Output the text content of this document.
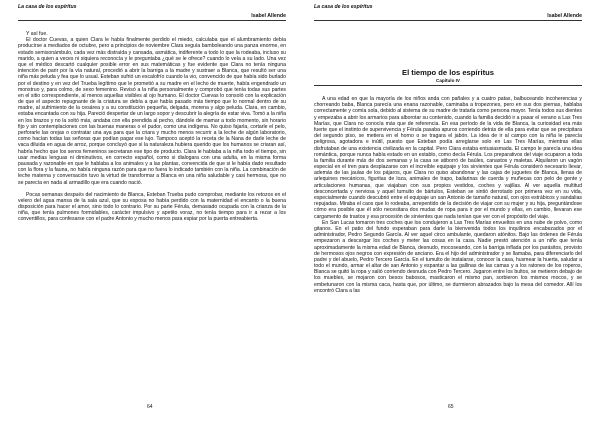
La casa de los espíritus
Isabel Allende

Y así fue.

El doctor Cuevas, a quien Clara le había finalmente perdido el miedo, calculaba que el alumbramiento debía producirse a mediados de octubre, pero a principios de noviembre Clara seguía bamboleando una panza enorme, en estado semisonámbulo, cada vez más distraída y cansada, asmática, indiferente a todo lo que la rodeaba, incluso su marido, a quien a veces ni siquiera reconocía y le preguntaba ¿qué se le ofrece? cuando lo veía a su lado. Una vez que el médico descartó cualquier posible error en sus matemáticas y fue evidente que Clara no tenía ninguna intención de parir por la vía natural, procedió a abrir la barriga a la madre y sustraer a Blanca, que resultó ser una niña más peluda y fea que lo usual. Esteban sufrió un escalofrío cuando la vio, convencido de que había sido burlado por el destino y en vez del Trueba legítimo que le prometió a su madre en el lecho de muerte, había engendrado un monstruo y, para colmo, de sexo femenino. Revisó a la niña personalmente y comprobó que tenía todas sus partes en el sitio correspondiente, al menos aquellas visibles al ojo humano. El doctor Cuevas lo consoló con la explicación de que el aspecto repugnante de la criatura se debía a que había pasado más tiempo que lo normal dentro de su madre, al sufrimiento de la cesárea y a su constitución pequeña, delgada, morena y algo peluda. Clara, en cambio, estaba encantada con su hija. Pareció despertar de un largo sopor y descubrir la alegría de estar viva. Tomó a la niña en los brazos y no la soltó más, andaba con ella prendida al pecho, dándole de mamar a todo momento, sin horario fijo y sin contemplaciones con las buenas maneras o el pudor, como una indígena. No quiso fajarla, cortarle el pelo, perforarle las orejas o contratar una aya para que la criara y mucho menos recurrir a la leche de algún laboratorio, como hacían todas las señoras que podían pagar ese lujo. Tampoco aceptó la receta de la Nana de darle leche de vaca diluida en agua de arroz, porque concluyó que si la naturaleza hubiera querido que los humanos se criaran así, habría hecho que los senos femeninos secretaran ese tipo de producto. Clara le hablaba a la niña todo el tiempo, sin usar medias lenguas ni diminutivos, en correcto español, como si dialogara con una adulta, en la misma forma pausada y razonable en que le hablaba a los animales y a las plantas, convencida de que si le había dado resultado con la flora y la fauna, no había ninguna razón para que no fuera lo indicado también con la niña. La combinación de leche materna y conversación tuvo la virtud de transformar a Blanca en una niña saludable y casi hermosa, que no se parecía en nada al armadillo que era cuando nació.

Pocas semanas después del nacimiento de Blanca, Esteban Trueba pudo comprobar, mediante los retozos en el velero del agua mansa de la sala azul, que su esposa no había perdido con la maternidad el encanto o la buena disposición para hacer el amor, sino todo lo contrario. Por su parte Férula, demasiado ocupada con la crianza de la niña, que tenía pulmones formidables, carácter impulsivo y apetito voraz, no tenía tiempo para ir a rezar a los conventillos, para confesarse con el padre Antonio y mucho menos para espiar por la puerta entreabierta.

64
La casa de los espíritus
Isabel Allende
El tiempo de los espíritus
Capítulo IV

A una edad en que la mayoría de los niños anda con pañales y a cuatro patas, balbuceando incoherencias y chorreando baba, Blanca parecía una enana razonable, caminaba a tropezones, pero en sus dos piernas, hablaba correctamente y comía sola, debido al sistema de su madre de tratarla como persona mayor. Tenía todos sus dientes y empezaba a abrir los armarios para alborotar su contenido, cuando la familia decidió ir a pasar el verano a Las Tres Marías, que Clara no conocía más que de referencia. En esa período de la vida de Blanca, la curiosidad era más fuerte que el instinto de supervivencia y Férula pasaba apuros corriendo detrás de ella para evitar que se precipitara del segundo piso, se metiera en el horno o se tragara el jabón. La idea de ir al campo con la niña le parecía peligrosa, agotadora e inútil, puesto que Esteban podía arreglarse solo en Las Tres Marías, mientras ellas disfrutaban de una existencia civilizada en la capital. Pero Clara estaba entusiasmada. El campo le parecía una idea romántica, porque nunca había estado en un establo, como decía Férula. Los preparativos del viaje ocuparon a toda la familia durante más de dos semanas y la casa se atiborró de baúles, canastos y maletas. Alquilaron un vagón especial en el tren para desplazarse con el increíble equipaje y los sirvientes que Férula consideró necesario llevar, además de las jaulas de los pájaros, que Clara no quiso abandonar y las cajas de juguetes de Blanca, llenas de arlequines mecánicos, figuritas de loza, animales de trapo, bailarinas de cuerda y muñecas con pelo de gente y articulaciones humanas, que viajaban con sus propios vestidos, coches y vajillas. Al ver aquella multitud desconcertada y nerviosa y aquel tumulto de bártulos, Esteban se sintió derrotado por primera vez en su vida, especialmente cuando descubrió entre el equipaje un san Antonio de tamaño natural, con ojos estrábicos y sandalias repujadas. Miraba el caos que lo rodeaba, arrepentido de la decisión de viajar con su mujer y su hija, preguntándose cómo era posible que él sólo necesitara dos mudas de ropa para ir por el mundo y ellas, en cambio, llevaran ese cargamento de trastos y esa procesión de sirvientes que nada tenían que ver con el propósito del viaje.

En San Lucas tomaron tres coches que los condujeron a Las Tres Marías envueltos en una nube de polvo, como gitanos. En el patio del fundo esperaban para darle la bienvenida todos los inquilinos encabezados por el administrador, Pedro Segundo García. Al ver aquel circo ambulante, quedaron atónitos. Bajo las órdenes de Férula empezaron a descargar los coches y meter las cosas en la casa. Nadie prestó atención a un niño que tenía aproximadamente la misma edad de Blanca, desnudo, mocoseando, con la barriga inflada por los parásitos, provisto de hermosos ojos negros con expresión de anciano. Era el hijo del administrador y se llamaba, para diferenciarlo del padre y del abuelo, Pedro Tercero García. En el tumulto de instalarse, conocer la casa, husmear la huerta, saludar a todo el mundo, armar el altar de san Antonio y espantar a las gallinas de las camas y a los ratones de los roperos, Blanca se quitó la ropa y salió corriendo desnuda con Pedro Tercero. Jugaron entre los bultos, se metieron debajo de los muebles, se mojaron con besos babosos, masticaron el mismo pan, sorbieron los mismos mocos, y se embetunaron con la misma caca, hasta que, por último, se durmieron abrazados bajo la mesa del comedor. Allí los encontró Clara a las

65
